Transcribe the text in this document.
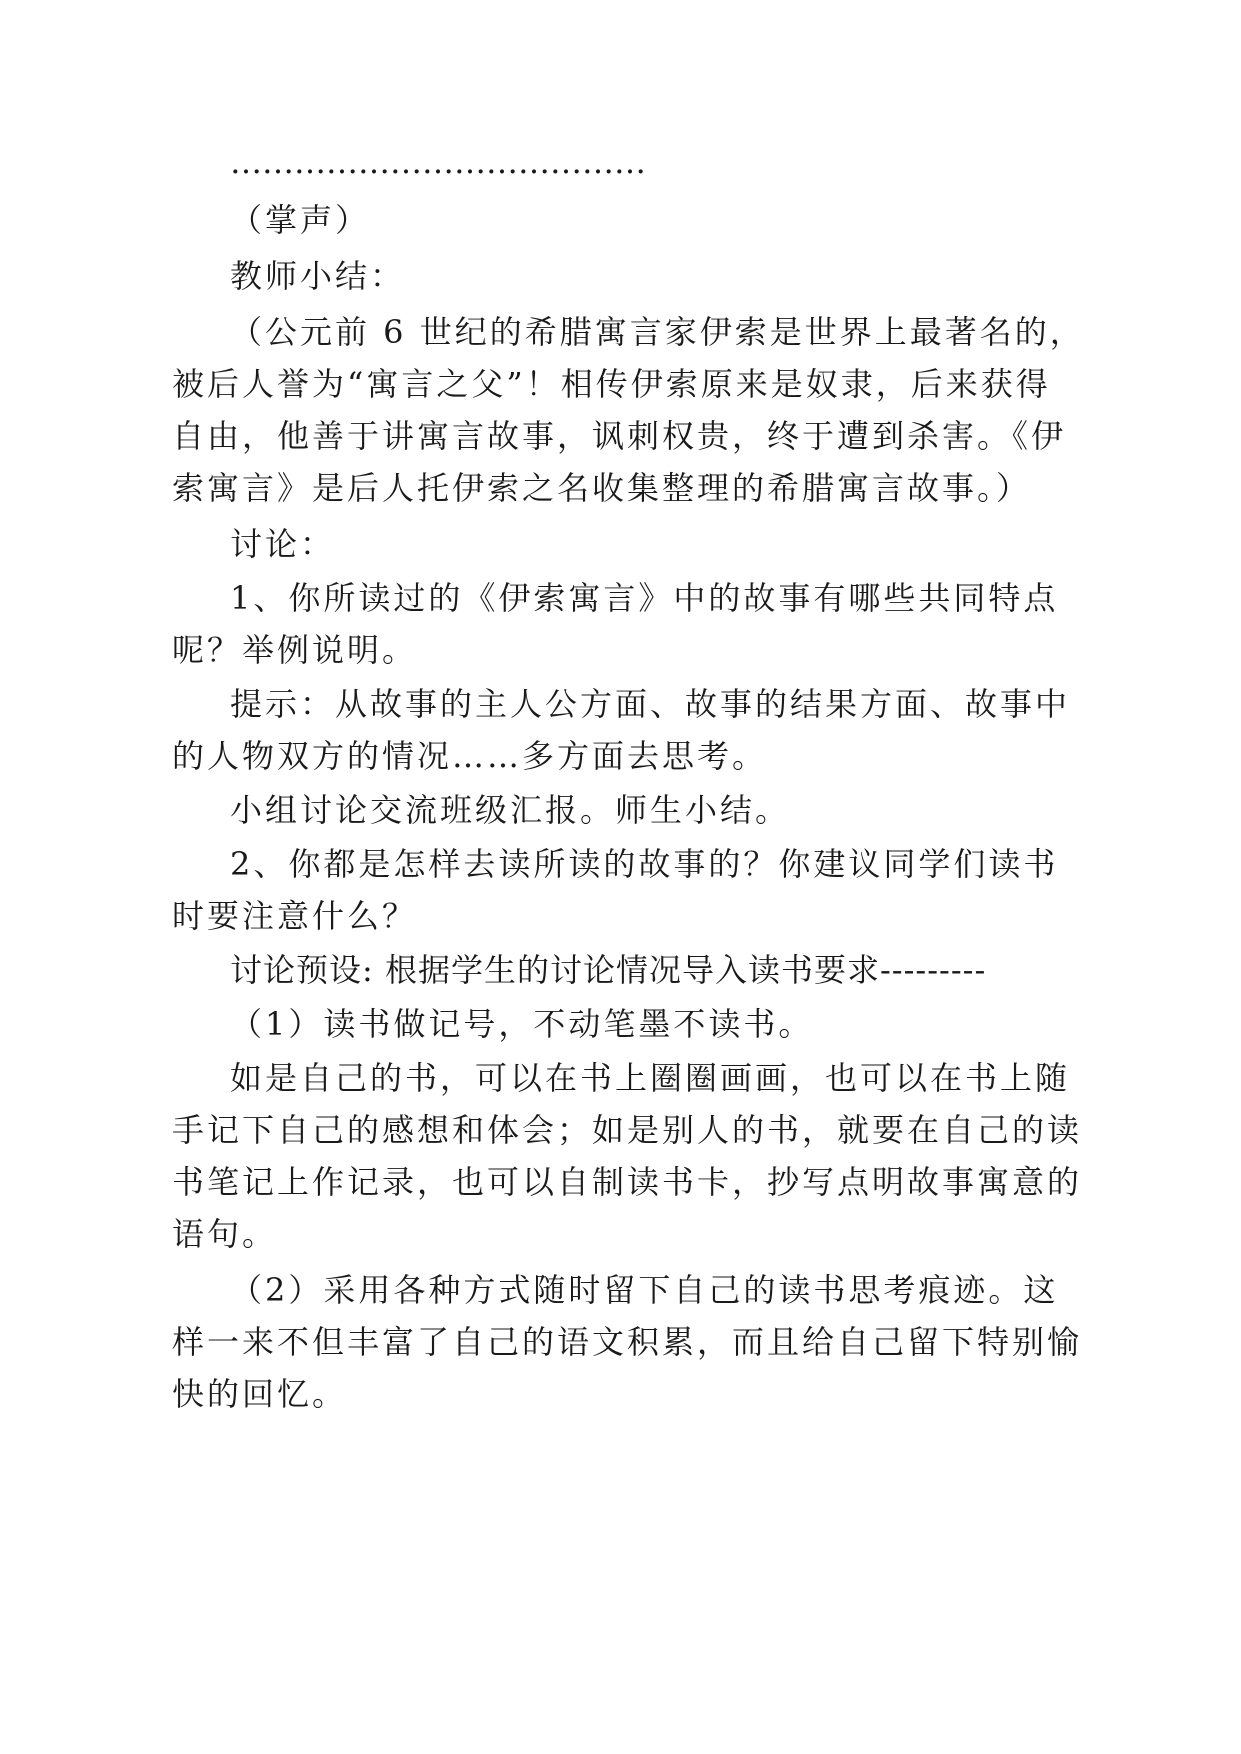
…………………………………
（掌声）
教师小结：
（公元前 6 世纪的希腊寓言家伊索是世界上最著名的，
被后人誉为“寓言之父”！相传伊索原来是奴隶，后来获得
自由，他善于讲寓言故事，讽刺权贵，终于遭到杀害。《伊
索寓言》是后人托伊索之名收集整理的希腊寓言故事。）
讨论：
1、你所读过的《伊索寓言》中的故事有哪些共同特点
呢？举例说明。
提示：从故事的主人公方面、故事的结果方面、故事中
的人物双方的情况……多方面去思考。
小组讨论交流班级汇报。师生小结。
2、你都是怎样去读所读的故事的？你建议同学们读书
时要注意什么？
讨论预设: 根据学生的讨论情况导入读书要求---------
（1）读书做记号，不动笔墨不读书。
如是自己的书，可以在书上圈圈画画，也可以在书上随
手记下自己的感想和体会；如是别人的书，就要在自己的读
书笔记上作记录，也可以自制读书卡，抄写点明故事寓意的
语句。
（2）采用各种方式随时留下自己的读书思考痕迹。这
样一来不但丰富了自己的语文积累，而且给自己留下特别愉
快的回忆。
